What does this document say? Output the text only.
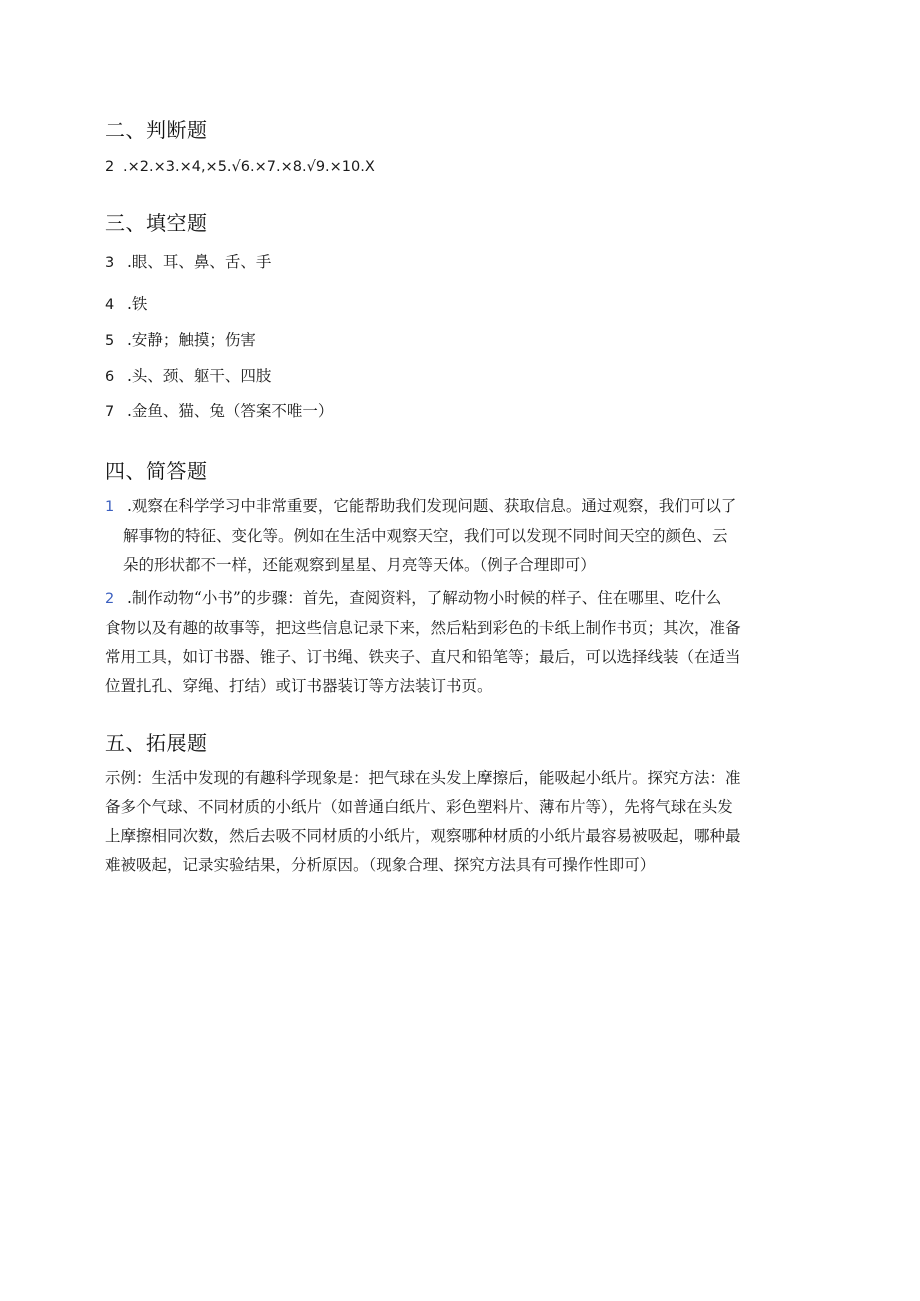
二、判断题
2 .×2.×3.×4,×5.√6.×7.×8.√9.×10.X
三、填空题
3 .眼、耳、鼻、舌、手
4 .铁
5 .安静；触摸；伤害
6 .头、颈、躯干、四肢
7 .金鱼、猫、兔（答案不唯一）
四、简答题
1 .观察在科学学习中非常重要，它能帮助我们发现问题、获取信息。通过观察，我们可以了
解事物的特征、变化等。例如在生活中观察天空，我们可以发现不同时间天空的颜色、云
朵的形状都不一样，还能观察到星星、月亮等天体。（例子合理即可）
2 .制作动物“小书”的步骤：首先，查阅资料，了解动物小时候的样子、住在哪里、吃什么
食物以及有趣的故事等，把这些信息记录下来，然后粘到彩色的卡纸上制作书页；其次，准备
常用工具，如订书器、锥子、订书绳、铁夹子、直尺和铅笔等；最后，可以选择线装（在适当
位置扎孔、穿绳、打结）或订书器装订等方法装订书页。
五、拓展题
示例：生活中发现的有趣科学现象是：把气球在头发上摩擦后，能吸起小纸片。探究方法：准
备多个气球、不同材质的小纸片（如普通白纸片、彩色塑料片、薄布片等），先将气球在头发
上摩擦相同次数，然后去吸不同材质的小纸片，观察哪种材质的小纸片最容易被吸起，哪种最
难被吸起，记录实验结果，分析原因。（现象合理、探究方法具有可操作性即可）
